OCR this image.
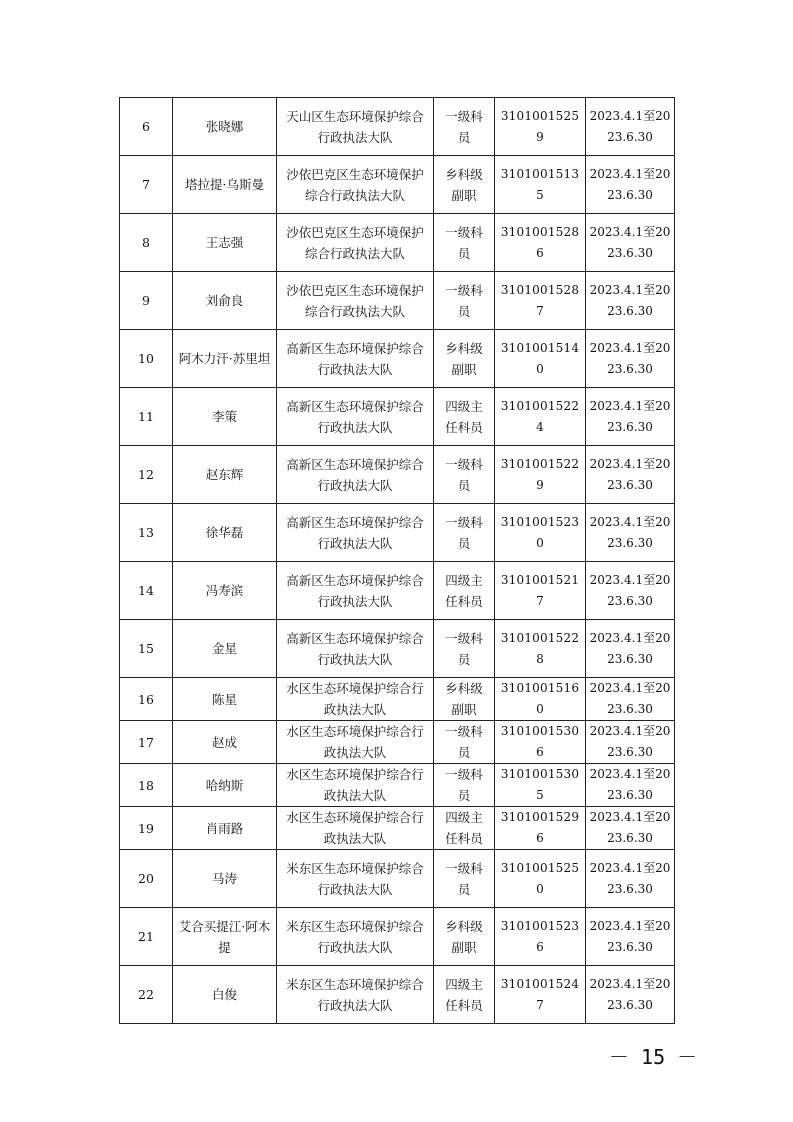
6	张晓娜	天山区生态环境保护综合行政执法大队	一级科员	31010015259	2023.4.1至2023.6.30
7	塔拉提·乌斯曼	沙依巴克区生态环境保护综合行政执法大队	乡科级副职	31010015135	2023.4.1至2023.6.30
8	王志强	沙依巴克区生态环境保护综合行政执法大队	一级科员	31010015286	2023.4.1至2023.6.30
9	刘俞良	沙依巴克区生态环境保护综合行政执法大队	一级科员	31010015287	2023.4.1至2023.6.30
10	阿木力汗·苏里坦	高新区生态环境保护综合行政执法大队	乡科级副职	31010015140	2023.4.1至2023.6.30
11	李策	高新区生态环境保护综合行政执法大队	四级主任科员	31010015224	2023.4.1至2023.6.30
12	赵东辉	高新区生态环境保护综合行政执法大队	一级科员	31010015229	2023.4.1至2023.6.30
13	徐华磊	高新区生态环境保护综合行政执法大队	一级科员	31010015230	2023.4.1至2023.6.30
14	冯寿滨	高新区生态环境保护综合行政执法大队	四级主任科员	31010015217	2023.4.1至2023.6.30
15	金星	高新区生态环境保护综合行政执法大队	一级科员	31010015228	2023.4.1至2023.6.30
16	陈星	水区生态环境保护综合行政执法大队	乡科级副职	31010015160	2023.4.1至2023.6.30
17	赵成	水区生态环境保护综合行政执法大队	一级科员	31010015306	2023.4.1至2023.6.30
18	哈纳斯	水区生态环境保护综合行政执法大队	一级科员	31010015305	2023.4.1至2023.6.30
19	肖雨路	水区生态环境保护综合行政执法大队	四级主任科员	31010015296	2023.4.1至2023.6.30
20	马涛	米东区生态环境保护综合行政执法大队	一级科员	31010015250	2023.4.1至2023.6.30
21	艾合买提江·阿木提	米东区生态环境保护综合行政执法大队	乡科级副职	31010015236	2023.4.1至2023.6.30
22	白俊	米东区生态环境保护综合行政执法大队	四级主任科员	31010015247	2023.4.1至2023.6.30
－ 15 －
